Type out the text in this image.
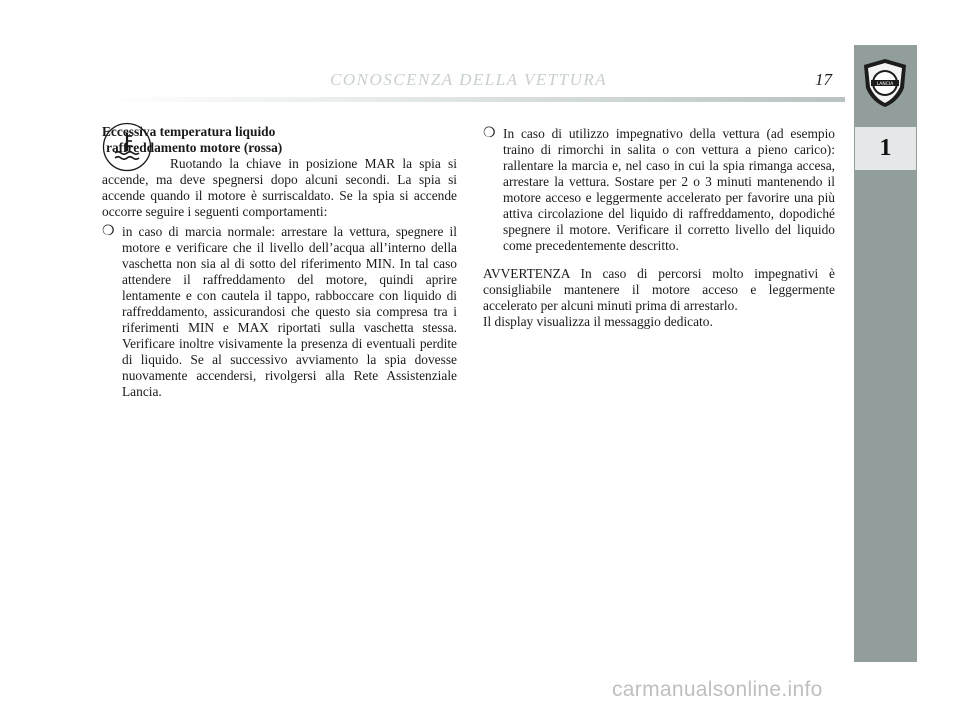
CONOSCENZA DELLA VETTURA	17	LANCIA
1

Eccessiva temperatura liquido
raffreddamento motore (rossa)

Ruotando la chiave in posizione MAR la spia si accende, ma deve spegnersi dopo alcuni secondi. La spia si accende quando il motore è surriscaldato. Se la spia si accende occorre seguire i seguenti comportamenti:

❍ in caso di marcia normale: arrestare la vettura, spegnere il motore e verificare che il livello dell’acqua all’interno della vaschetta non sia al di sotto del riferimento MIN. In tal caso attendere il raffreddamento del motore, quindi aprire lentamente e con cautela il tappo, rabboccare con liquido di raffreddamento, assicurandosi che questo sia compresa tra i riferimenti MIN e MAX riportati sulla vaschetta stessa. Verificare inoltre visivamente la presenza di eventuali perdite di liquido. Se al successivo avviamento la spia dovesse nuovamente accendersi, rivolgersi alla Rete Assistenziale Lancia.

❍ In caso di utilizzo impegnativo della vettura (ad esempio traino di rimorchi in salita o con vettura a pieno carico): rallentare la marcia e, nel caso in cui la spia rimanga accesa, arrestare la vettura. Sostare per 2 o 3 minuti mantenendo il motore acceso e leggermente accelerato per favorire una più attiva circolazione del liquido di raffreddamento, dopodiché spegnere il motore. Verificare il corretto livello del liquido come precedentemente descritto.

AVVERTENZA In caso di percorsi molto impegnativi è consigliabile mantenere il motore acceso e leggermente accelerato per alcuni minuti prima di arrestarlo.

Il display visualizza il messaggio dedicato.

carmanualsonline.info
